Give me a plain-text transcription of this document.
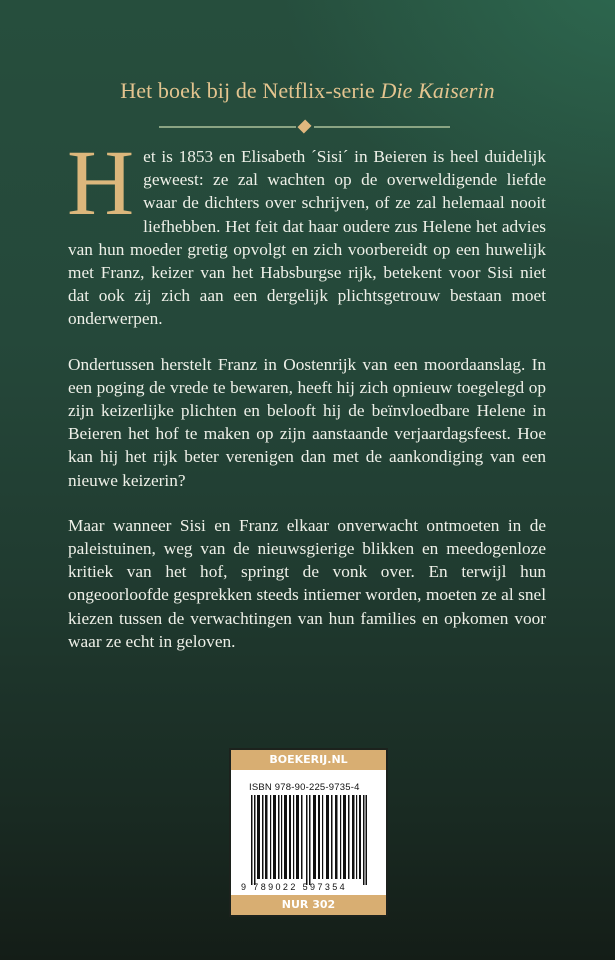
Het boek bij de Netflix-serie Die Kaiserin

Het is 1853 en Elisabeth ´Sisi´ in Beieren is heel duidelijk geweest: ze zal wachten op de overweldigende liefde waar de dichters over schrijven, of ze zal helemaal nooit liefhebben. Het feit dat haar oudere zus Helene het advies van hun moeder gretig opvolgt en zich voorbereidt op een huwelijk met Franz, keizer van het Habsburgse rijk, betekent voor Sisi niet dat ook zij zich aan een dergelijk plichtsgetrouw bestaan moet onderwerpen.

Ondertussen herstelt Franz in Oostenrijk van een moordaanslag. In een poging de vrede te bewaren, heeft hij zich opnieuw toegelegd op zijn keizerlijke plichten en belooft hij de beïnvloedbare Helene in Beieren het hof te maken op zijn aanstaande verjaardagsfeest. Hoe kan hij het rijk beter verenigen dan met de aankondiging van een nieuwe keizerin?

Maar wanneer Sisi en Franz elkaar onverwacht ontmoeten in de paleistuinen, weg van de nieuwsgierige blikken en meedogenloze kritiek van het hof, springt de vonk over. En terwijl hun ongeoorloofde gesprekken steeds intiemer worden, moeten ze al snel kiezen tussen de verwachtingen van hun families en opkomen voor waar ze echt in geloven.

BOEKERIJ.NL
ISBN 978-90-225-9735-4
9 789022 597354
NUR 302
